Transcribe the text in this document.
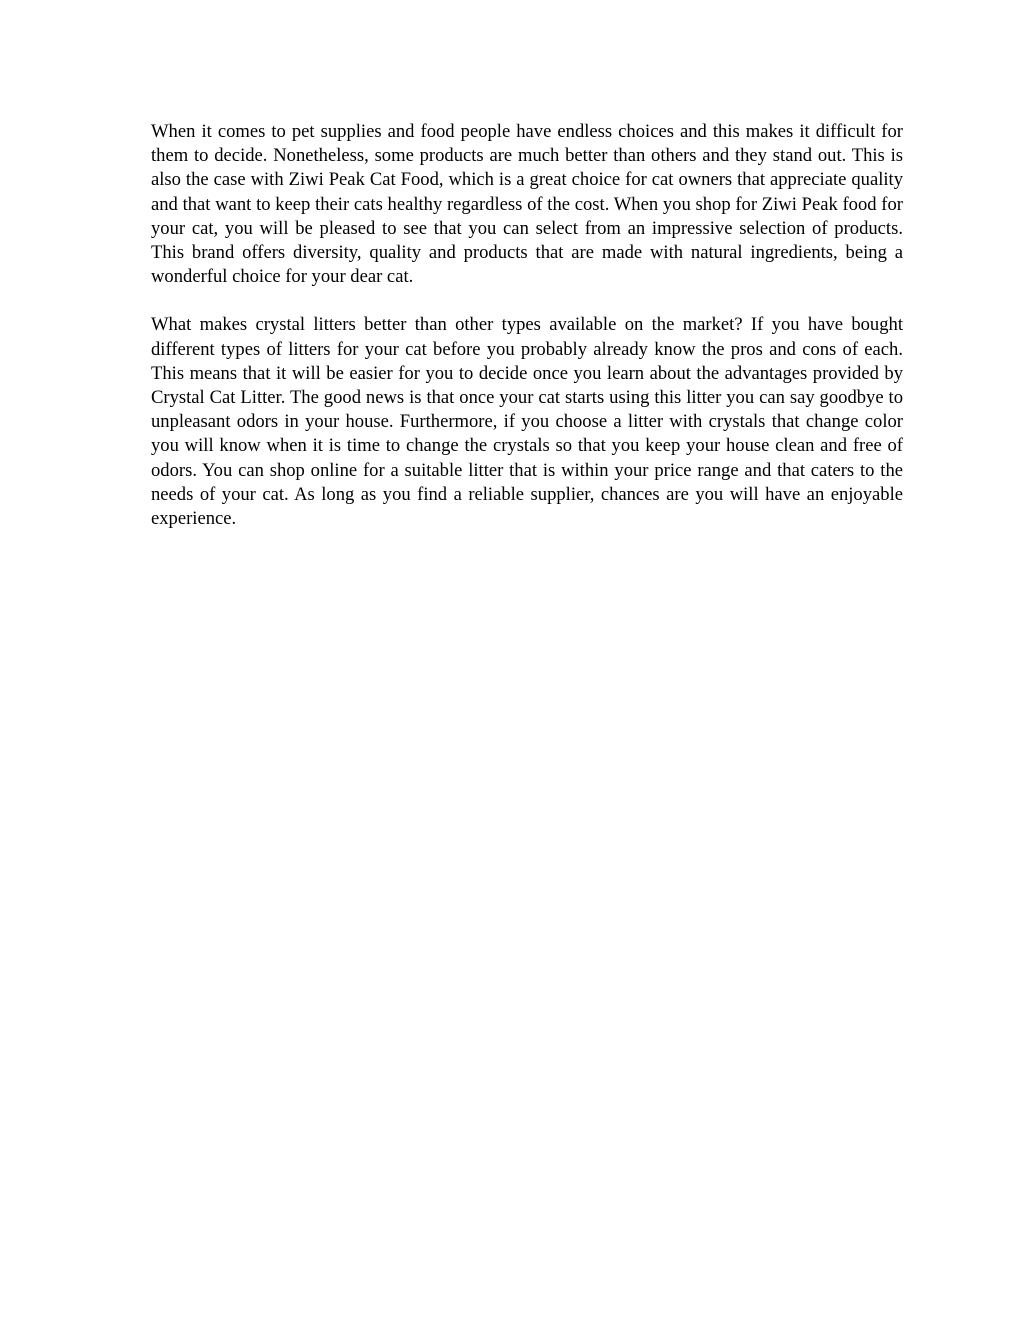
When it comes to pet supplies and food people have endless choices and this makes it difficult for them to decide. Nonetheless, some products are much better than others and they stand out. This is also the case with Ziwi Peak Cat Food, which is a great choice for cat owners that appreciate quality and that want to keep their cats healthy regardless of the cost. When you shop for Ziwi Peak food for your cat, you will be pleased to see that you can select from an impressive selection of products. This brand offers diversity, quality and products that are made with natural ingredients, being a wonderful choice for your dear cat.

What makes crystal litters better than other types available on the market? If you have bought different types of litters for your cat before you probably already know the pros and cons of each. This means that it will be easier for you to decide once you learn about the advantages provided by Crystal Cat Litter. The good news is that once your cat starts using this litter you can say goodbye to unpleasant odors in your house. Furthermore, if you choose a litter with crystals that change color you will know when it is time to change the crystals so that you keep your house clean and free of odors. You can shop online for a suitable litter that is within your price range and that caters to the needs of your cat. As long as you find a reliable supplier, chances are you will have an enjoyable experience.
